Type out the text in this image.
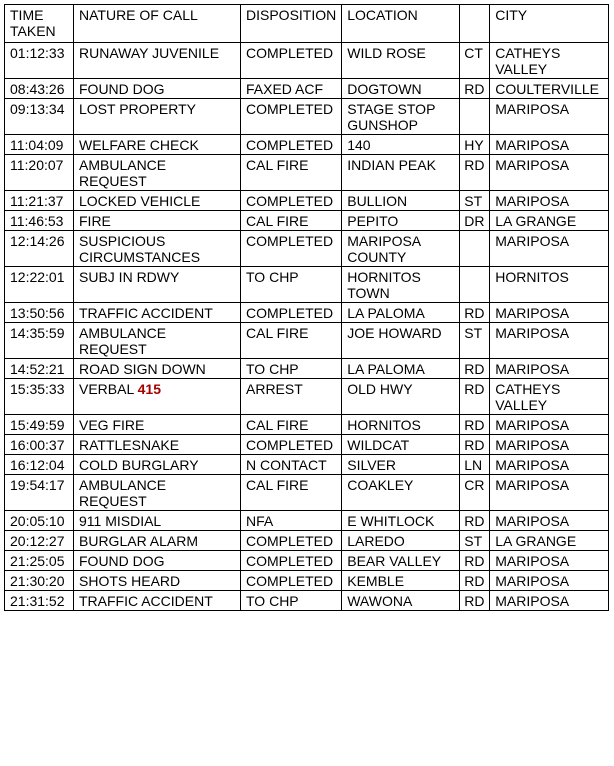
TIME TAKEN	NATURE OF CALL	DISPOSITION	LOCATION		CITY
01:12:33	RUNAWAY JUVENILE	COMPLETED	WILD ROSE	CT	CATHEYS VALLEY
08:43:26	FOUND DOG	FAXED ACF	DOGTOWN	RD	COULTERVILLE
09:13:34	LOST PROPERTY	COMPLETED	STAGE STOP GUNSHOP		MARIPOSA
11:04:09	WELFARE CHECK	COMPLETED	140	HY	MARIPOSA
11:20:07	AMBULANCE REQUEST	CAL FIRE	INDIAN PEAK	RD	MARIPOSA
11:21:37	LOCKED VEHICLE	COMPLETED	BULLION	ST	MARIPOSA
11:46:53	FIRE	CAL FIRE	PEPITO	DR	LA GRANGE
12:14:26	SUSPICIOUS CIRCUMSTANCES	COMPLETED	MARIPOSA COUNTY		MARIPOSA
12:22:01	SUBJ IN RDWY	TO CHP	HORNITOS TOWN		HORNITOS
13:50:56	TRAFFIC ACCIDENT	COMPLETED	LA PALOMA	RD	MARIPOSA
14:35:59	AMBULANCE REQUEST	CAL FIRE	JOE HOWARD	ST	MARIPOSA
14:52:21	ROAD SIGN DOWN	TO CHP	LA PALOMA	RD	MARIPOSA
15:35:33	VERBAL 415	ARREST	OLD HWY	RD	CATHEYS VALLEY
15:49:59	VEG FIRE	CAL FIRE	HORNITOS	RD	MARIPOSA
16:00:37	RATTLESNAKE	COMPLETED	WILDCAT	RD	MARIPOSA
16:12:04	COLD BURGLARY	N CONTACT	SILVER	LN	MARIPOSA
19:54:17	AMBULANCE REQUEST	CAL FIRE	COAKLEY	CR	MARIPOSA
20:05:10	911 MISDIAL	NFA	E WHITLOCK	RD	MARIPOSA
20:12:27	BURGLAR ALARM	COMPLETED	LAREDO	ST	LA GRANGE
21:25:05	FOUND DOG	COMPLETED	BEAR VALLEY	RD	MARIPOSA
21:30:20	SHOTS HEARD	COMPLETED	KEMBLE	RD	MARIPOSA
21:31:52	TRAFFIC ACCIDENT	TO CHP	WAWONA	RD	MARIPOSA
